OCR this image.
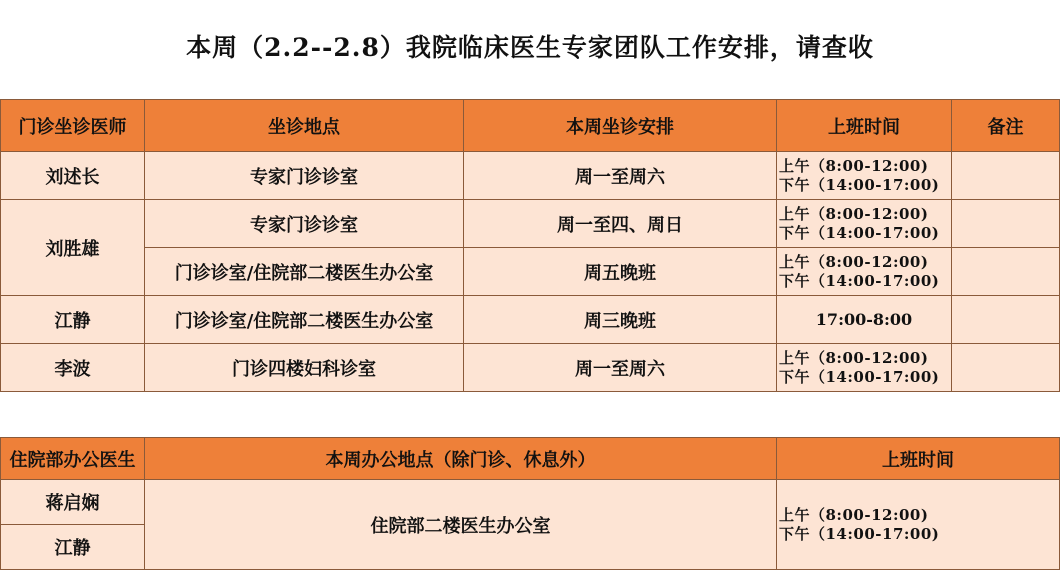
本周（2.2--2.8）我院临床医生专家团队工作安排，请查收
门诊坐诊医师	坐诊地点	本周坐诊安排	上班时间	备注
刘述长	专家门诊诊室	周一至周六	上午（8:00-12:00)
下午（14:00-17:00)	

刘胜雄	专家门诊诊室	周一至四、周日	上午（8:00-12:00)
下午（14:00-17:00)	

	门诊诊室/住院部二楼医生办公室	周五晚班	上午（8:00-12:00)
下午（14:00-17:00)	

江静	门诊诊室/住院部二楼医生办公室	周三晚班	17:00-8:00	
李波	门诊四楼妇科诊室	周一至周六	上午（8:00-12:00)
下午（14:00-17:00)	

住院部办公医生	本周办公地点（除门诊、休息外）	上班时间
蒋启娴	住院部二楼医生办公室	上午（8:00-12:00)
下午（14:00-17:00)

江静		
